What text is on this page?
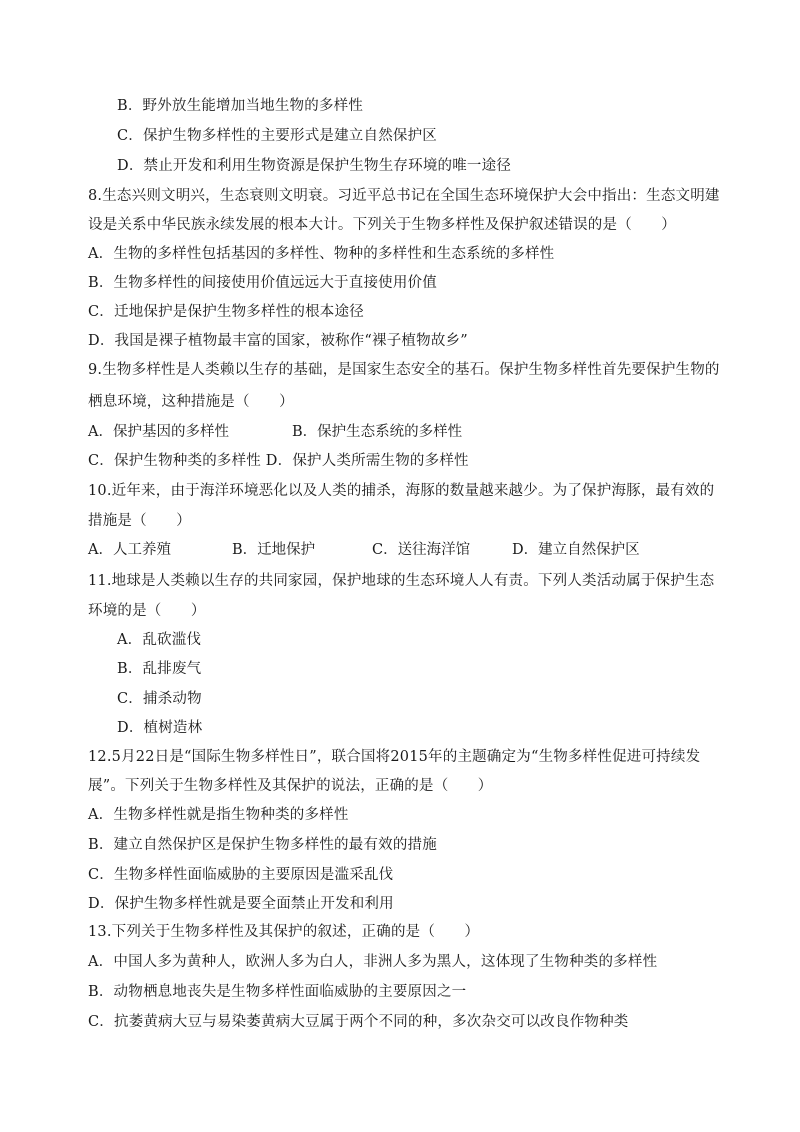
B．野外放生能增加当地生物的多样性
C．保护生物多样性的主要形式是建立自然保护区
D．禁止开发和利用生物资源是保护生物生存环境的唯一途径
8.生态兴则文明兴，生态衰则文明衰。习近平总书记在全国生态环境保护大会中指出：生态文明建
设是关系中华民族永续发展的根本大计。下列关于生物多样性及保护叙述错误的是（　　）
A．生物的多样性包括基因的多样性、物种的多样性和生态系统的多样性
B．生物多样性的间接使用价值远远大于直接使用价值
C．迁地保护是保护生物多样性的根本途径
D．我国是裸子植物最丰富的国家，被称作“裸子植物故乡”
9.生物多样性是人类赖以生存的基础，是国家生态安全的基石。保护生物多样性首先要保护生物的
栖息环境，这种措施是（　　）
A．保护基因的多样性	B．保护生态系统的多样性
C．保护生物种类的多样性 D．保护人类所需生物的多样性
10.近年来，由于海洋环境恶化以及人类的捕杀，海豚的数量越来越少。为了保护海豚，最有效的
措施是（　　）
A．人工养殖	B．迁地保护	C．送往海洋馆	D．建立自然保护区
11.地球是人类赖以生存的共同家园，保护地球的生态环境人人有责。下列人类活动属于保护生态
环境的是（　　）
A．乱砍滥伐
B．乱排废气
C．捕杀动物
D．植树造林
12.5月22日是“国际生物多样性日”，联合国将2015年的主题确定为“生物多样性促进可持续发
展”。下列关于生物多样性及其保护的说法，正确的是（　　）
A．生物多样性就是指生物种类的多样性
B．建立自然保护区是保护生物多样性的最有效的措施
C．生物多样性面临威胁的主要原因是滥采乱伐
D．保护生物多样性就是要全面禁止开发和利用
13.下列关于生物多样性及其保护的叙述，正确的是（　　）
A．中国人多为黄种人，欧洲人多为白人，非洲人多为黑人，这体现了生物种类的多样性
B．动物栖息地丧失是生物多样性面临威胁的主要原因之一
C．抗萎黄病大豆与易染萎黄病大豆属于两个不同的种，多次杂交可以改良作物种类
